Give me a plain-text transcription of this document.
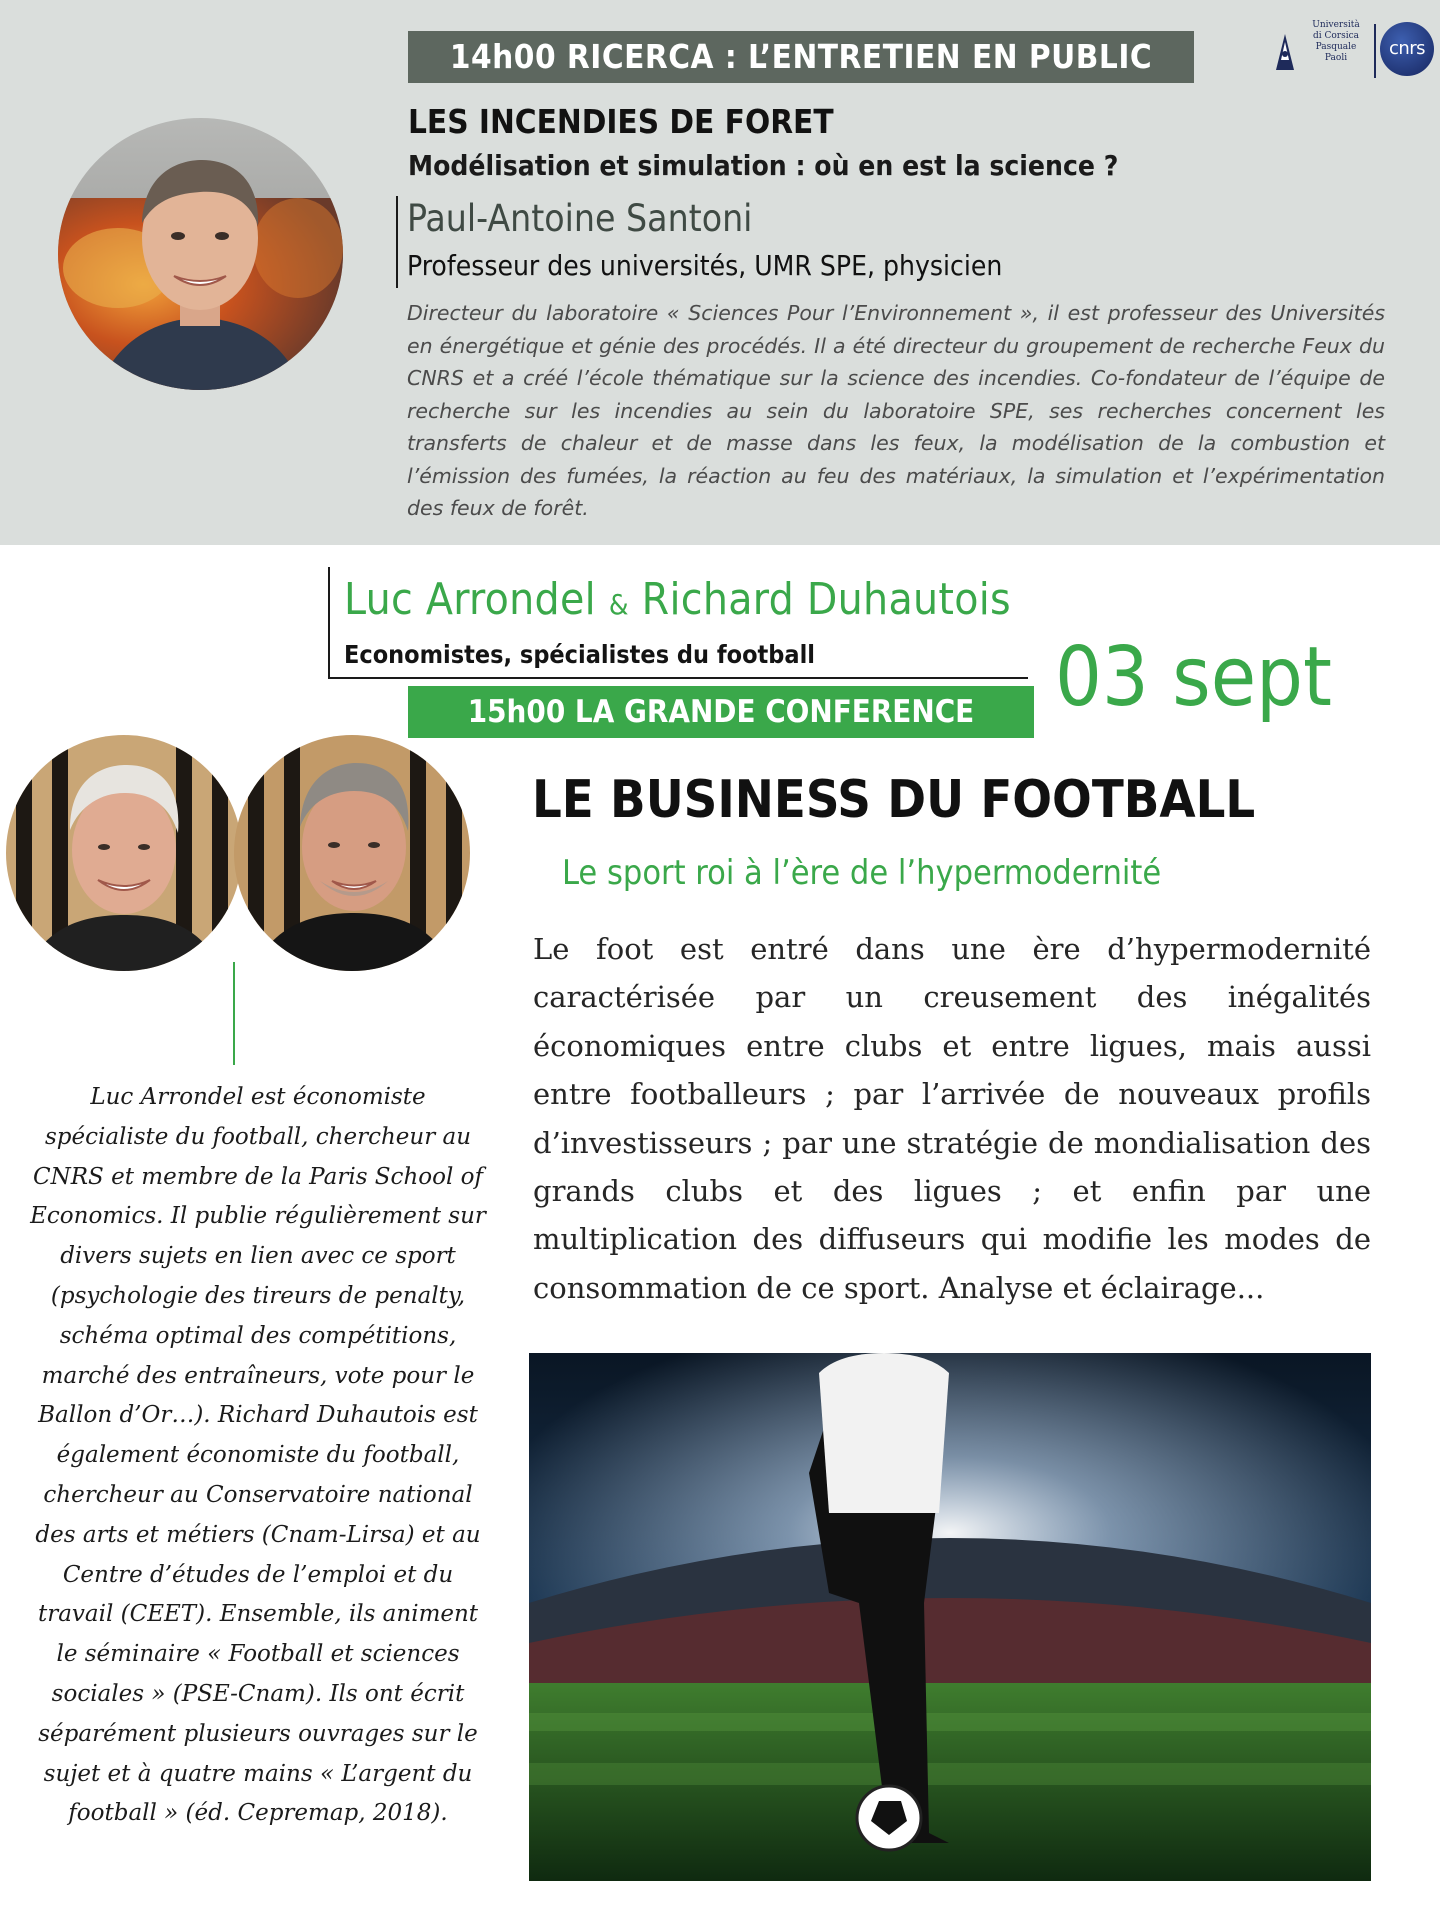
14h00 RICERCA : L’ENTRETIEN EN PUBLIC
Università
di Corsica
Pasquale
Paoli	cnrs
LES INCENDIES DE FORET
Modélisation et simulation : où en est la science ?
Paul-Antoine Santoni
Professeur des universités, UMR SPE, physicien

Directeur du laboratoire « Sciences Pour l’Environnement », il est professeur des Universités en énergétique et génie des procédés. Il a été directeur du groupement de recherche Feux du CNRS et a créé l’école thématique sur la science des incendies. Co-fondateur de l’équipe de recherche sur les incendies au sein du laboratoire SPE, ses recherches concernent les transferts de chaleur et de masse dans les feux, la modélisation de la combustion et l’émission des fumées, la réaction au feu des matériaux, la simulation et l’expérimentation des feux de forêt.

Luc Arrondel & Richard Duhautois
Economistes, spécialistes du football	03 sept
15h00 LA GRANDE CONFERENCE

Luc Arrondel est économiste spécialiste du football, chercheur au CNRS et membre de la Paris School of Economics. Il publie régulièrement sur divers sujets en lien avec ce sport (psychologie des tireurs de penalty, schéma optimal des compétitions, marché des entraîneurs, vote pour le Ballon d’Or…). Richard Duhautois est également économiste du football, chercheur au Conservatoire national des arts et métiers (Cnam-Lirsa) et au Centre d’études de l’emploi et du travail (CEET). Ensemble, ils animent le séminaire « Football et sciences sociales » (PSE-Cnam). Ils ont écrit séparément plusieurs ouvrages sur le sujet et à quatre mains « L’argent du football » (éd. Cepremap, 2018).

LE BUSINESS DU FOOTBALL
Le sport roi à l’ère de l’hypermodernité

Le foot est entré dans une ère d’hypermodernité caractérisée par un creusement des inégalités économiques entre clubs et entre ligues, mais aussi entre footballeurs ; par l’arrivée de nouveaux profils d’investisseurs ; par une stratégie de mondialisation des grands clubs et des ligues ; et enfin par une multiplication des diffuseurs qui modifie les modes de consommation de ce sport. Analyse et éclairage...
